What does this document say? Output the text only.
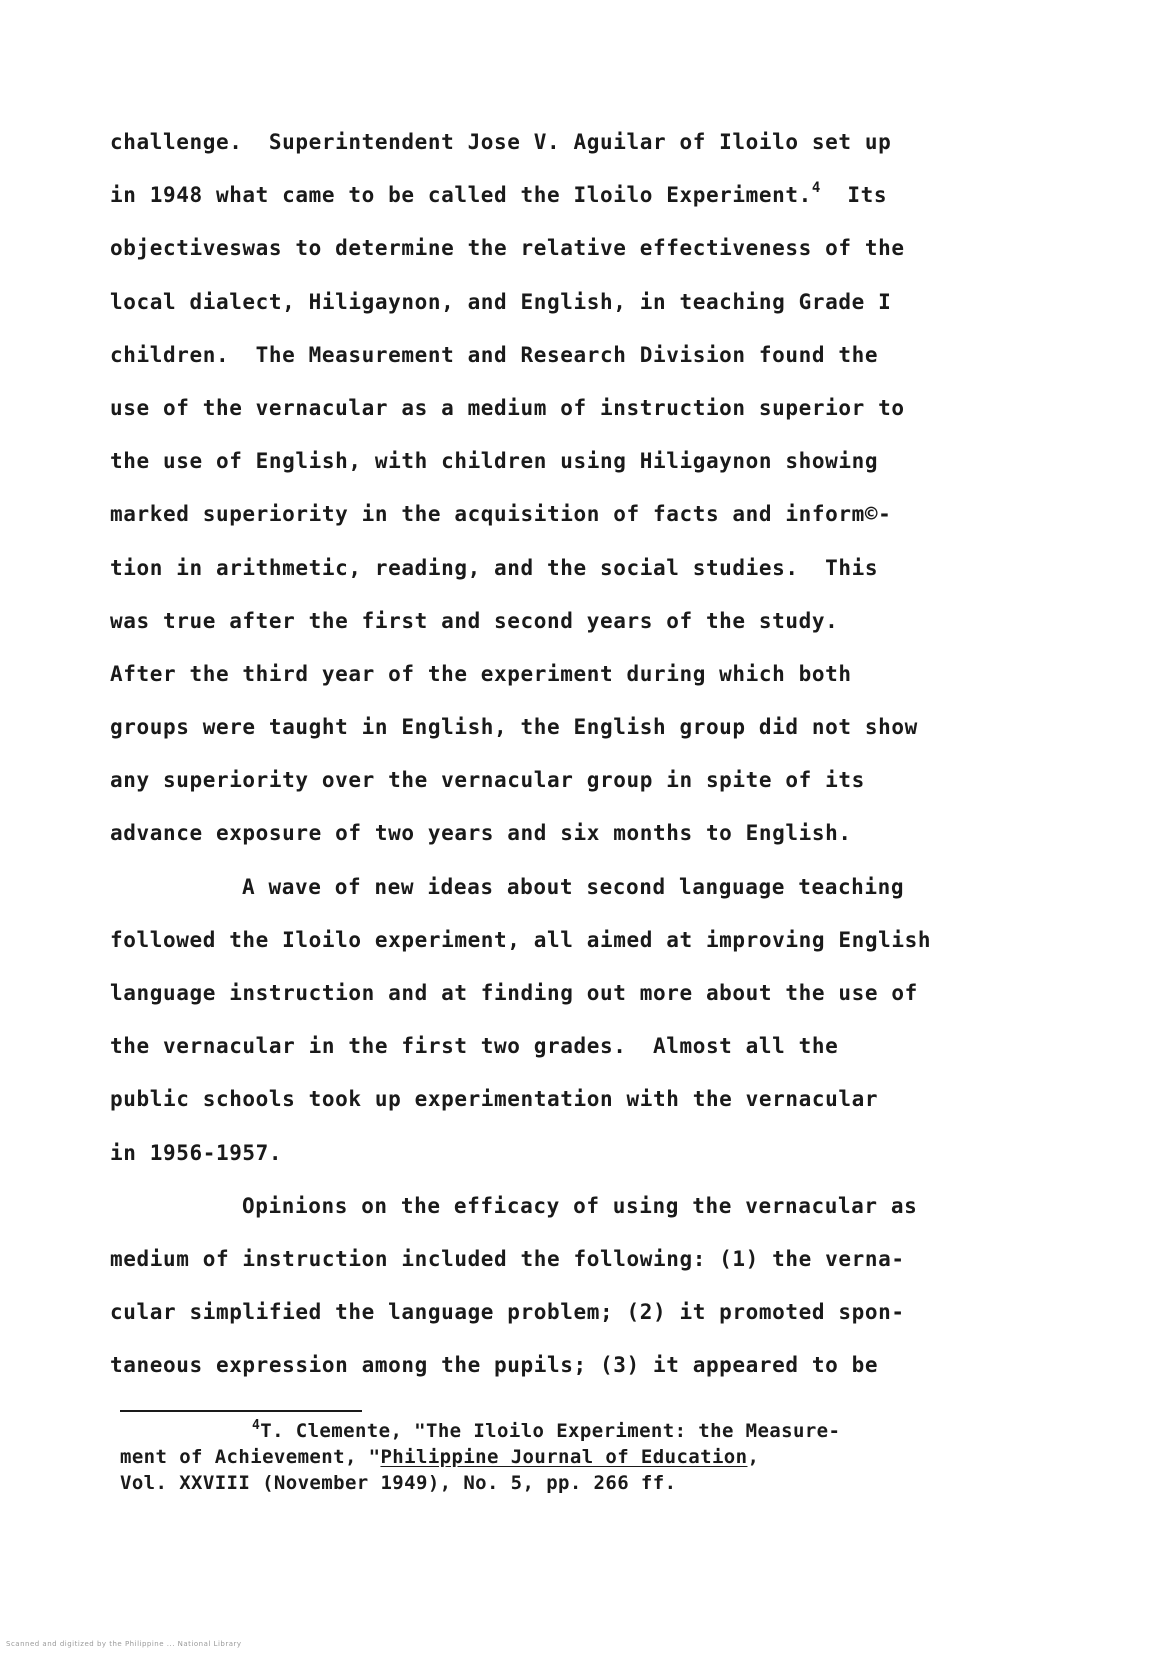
challenge.  Superintendent Jose V. Aguilar of Iloilo set up
in 1948 what came to be called the Iloilo Experiment.$^4$  Its
objectiveswas to determine the relative effectiveness of the
local dialect, Hiligaynon, and English, in teaching Grade I
children.  The Measurement and Research Division found the
use of the vernacular as a medium of instruction superior to
the use of English, with children using Hiligaynon showing
marked superiority in the acquisition of facts and inform©-
tion in arithmetic, reading, and the social studies.  This
was true after the first and second years of the study.
After the third year of the experiment during which both
groups were taught in English, the English group did not show
any superiority over the vernacular group in spite of its
advance exposure of two years and six months to English.
A wave of new ideas about second language teaching
followed the Iloilo experiment, all aimed at improving English
language instruction and at finding out more about the use of
the vernacular in the first two grades.  Almost all the
public schools took up experimentation with the vernacular
in 1956-1957.
Opinions on the efficacy of using the vernacular as
medium of instruction included the following: (1) the verna-
cular simplified the language problem; (2) it promoted spon-
taneous expression among the pupils; (3) it appeared to be
$^4$T. Clemente, "The Iloilo Experiment: the Measure-
ment of Achievement, "Philippine Journal of Education,
Vol. XXVIII (November 1949), No. 5, pp. 266 ff.
Scanned and digitized by the Philippine ... National Library
